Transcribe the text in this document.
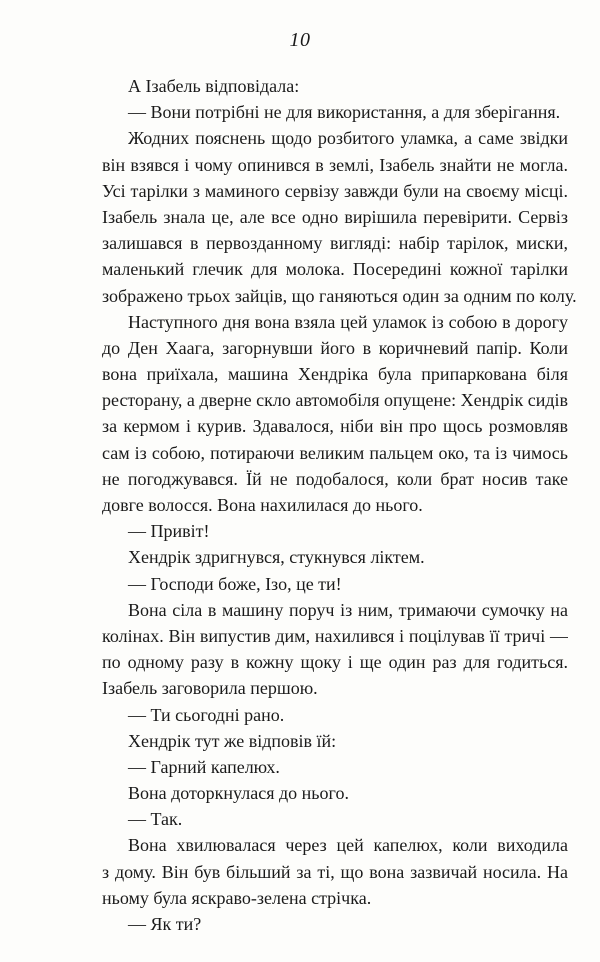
10
А Ізабель відповідала:
— Вони потрібні не для використання, а для зберігання.
Жодних пояснень щодо розбитого уламка, а саме звідки
він взявся і чому опинився в землі, Ізабель знайти не могла.
Усі тарілки з маминого сервізу завжди були на своєму місці.
Ізабель знала це, але все одно вирішила перевірити. Сервіз
залишався в первозданному вигляді: набір тарілок, миски,
маленький глечик для молока. Посередині кожної тарілки
зображено трьох зайців, що ганяються один за одним по колу.
Наступного дня вона взяла цей уламок із собою в дорогу
до Ден Хаага, загорнувши його в коричневий папір. Коли
вона приїхала, машина Хендріка була припаркована біля
ресторану, а дверне скло автомобіля опущене: Хендрік сидів
за кермом і курив. Здавалося, ніби він про щось розмовляв
сам із собою, потираючи великим пальцем око, та із чимось
не погоджувався. Їй не подобалося, коли брат носив таке
довге волосся. Вона нахилилася до нього.
— Привіт!
Хендрік здригнувся, стукнувся ліктем.
— Господи боже, Ізо, це ти!
Вона сіла в машину поруч із ним, тримаючи сумочку на
колінах. Він випустив дим, нахилився і поцілував її тричі —
по одному разу в кожну щоку і ще один раз для годиться.
Ізабель заговорила першою.
— Ти сьогодні рано.
Хендрік тут же відповів їй:
— Гарний капелюх.
Вона доторкнулася до нього.
— Так.
Вона хвилювалася через цей капелюх, коли виходила
з дому. Він був більший за ті, що вона зазвичай носила. На
ньому була яскраво-зелена стрічка.
— Як ти?
